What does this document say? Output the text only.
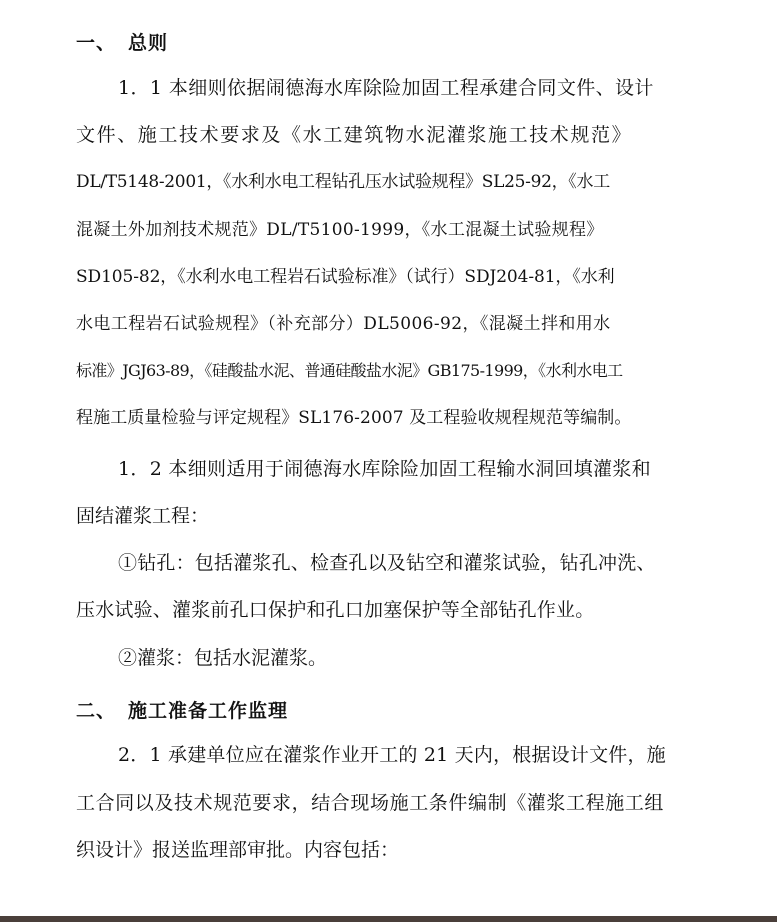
一、 总则
1．1 本细则依据闹德海水库除险加固工程承建合同文件、设计
文件、施工技术要求及《水工建筑物水泥灌浆施工技术规范》
DL/T5148-2001，《水利水电工程钻孔压水试验规程》SL25-92，《水工
混凝土外加剂技术规范》DL/T5100-1999，《水工混凝土试验规程》
SD105-82，《水利水电工程岩石试验标准》（试行）SDJ204-81，《水利
水电工程岩石试验规程》（补充部分）DL5006-92，《混凝土拌和用水
标准》JGJ63-89，《硅酸盐水泥、普通硅酸盐水泥》GB175-1999，《水利水电工
程施工质量检验与评定规程》SL176-2007 及工程验收规程规范等编制。
1．2 本细则适用于闹德海水库除险加固工程输水洞回填灌浆和
固结灌浆工程：
①钻孔：包括灌浆孔、检查孔以及钻空和灌浆试验，钻孔冲洗、
压水试验、灌浆前孔口保护和孔口加塞保护等全部钻孔作业。
②灌浆：包括水泥灌浆。
二、 施工准备工作监理
2．1 承建单位应在灌浆作业开工的 21 天内，根据设计文件，施
工合同以及技术规范要求，结合现场施工条件编制《灌浆工程施工组
织设计》报送监理部审批。内容包括：
